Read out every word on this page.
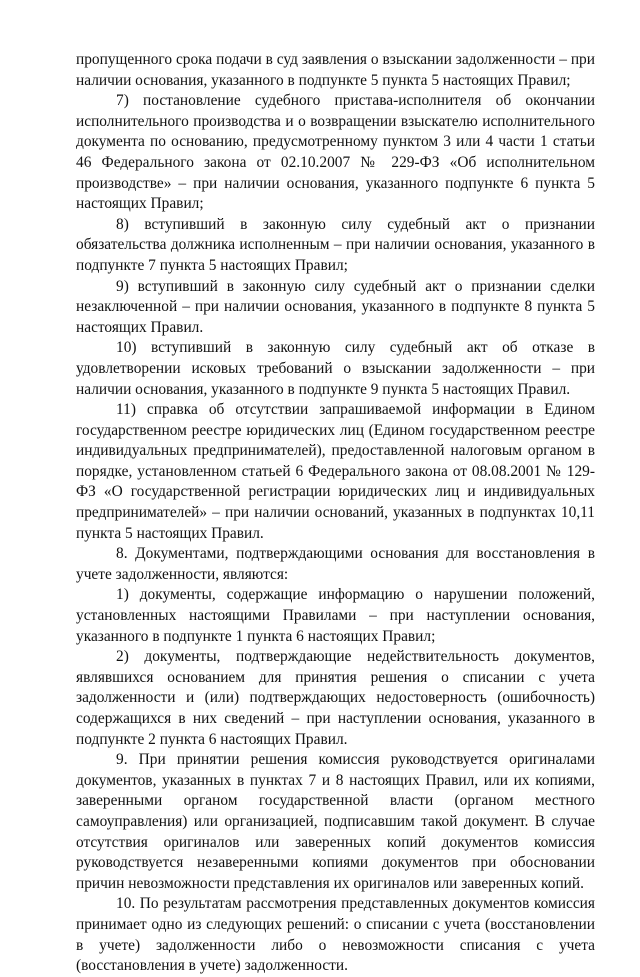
пропущенного срока подачи в суд заявления о взыскании задолженности – при наличии основания, указанного в подпункте 5 пункта 5 настоящих Правил;

7) постановление судебного пристава-исполнителя об окончании исполнительного производства и о возвращении взыскателю исполнительного документа по основанию, предусмотренному пунктом 3 или 4 части 1 статьи 46 Федерального закона от 02.10.2007 № 229-ФЗ «Об исполнительном производстве» – при наличии основания, указанного подпункте 6 пункта 5 настоящих Правил;

8) вступивший в законную силу судебный акт о признании обязательства должника исполненным – при наличии основания, указанного в подпункте 7 пункта 5 настоящих Правил;

9) вступивший в законную силу судебный акт о признании сделки незаключенной – при наличии основания, указанного в подпункте 8 пункта 5 настоящих Правил.

10) вступивший в законную силу судебный акт об отказе в удовлетворении исковых требований о взыскании задолженности – при наличии основания, указанного в подпункте 9 пункта 5 настоящих Правил.

11) справка об отсутствии запрашиваемой информации в Едином государственном реестре юридических лиц (Едином государственном реестре индивидуальных предпринимателей), предоставленной налоговым органом в порядке, установленном статьей 6 Федерального закона от 08.08.2001 № 129-ФЗ «О государственной регистрации юридических лиц и индивидуальных предпринимателей» – при наличии оснований, указанных в подпунктах 10,11 пункта 5 настоящих Правил.

8. Документами, подтверждающими основания для восстановления в учете задолженности, являются:

1) документы, содержащие информацию о нарушении положений, установленных настоящими Правилами – при наступлении основания, указанного в подпункте 1 пункта 6 настоящих Правил;

2) документы, подтверждающие недействительность документов, являвшихся основанием для принятия решения о списании с учета задолженности и (или) подтверждающих недостоверность (ошибочность) содержащихся в них сведений – при наступлении основания, указанного в подпункте 2 пункта 6 настоящих Правил.

9. При принятии решения комиссия руководствуется оригиналами документов, указанных в пунктах 7 и 8 настоящих Правил, или их копиями, заверенными органом государственной власти (органом местного самоуправления) или организацией, подписавшим такой документ. В случае отсутствия оригиналов или заверенных копий документов комиссия руководствуется незаверенными копиями документов при обосновании причин невозможности представления их оригиналов или заверенных копий.

10. По результатам рассмотрения представленных документов комиссия принимает одно из следующих решений: о списании с учета (восстановлении в учете) задолженности либо о невозможности списания с учета (восстановления в учете) задолженности.
